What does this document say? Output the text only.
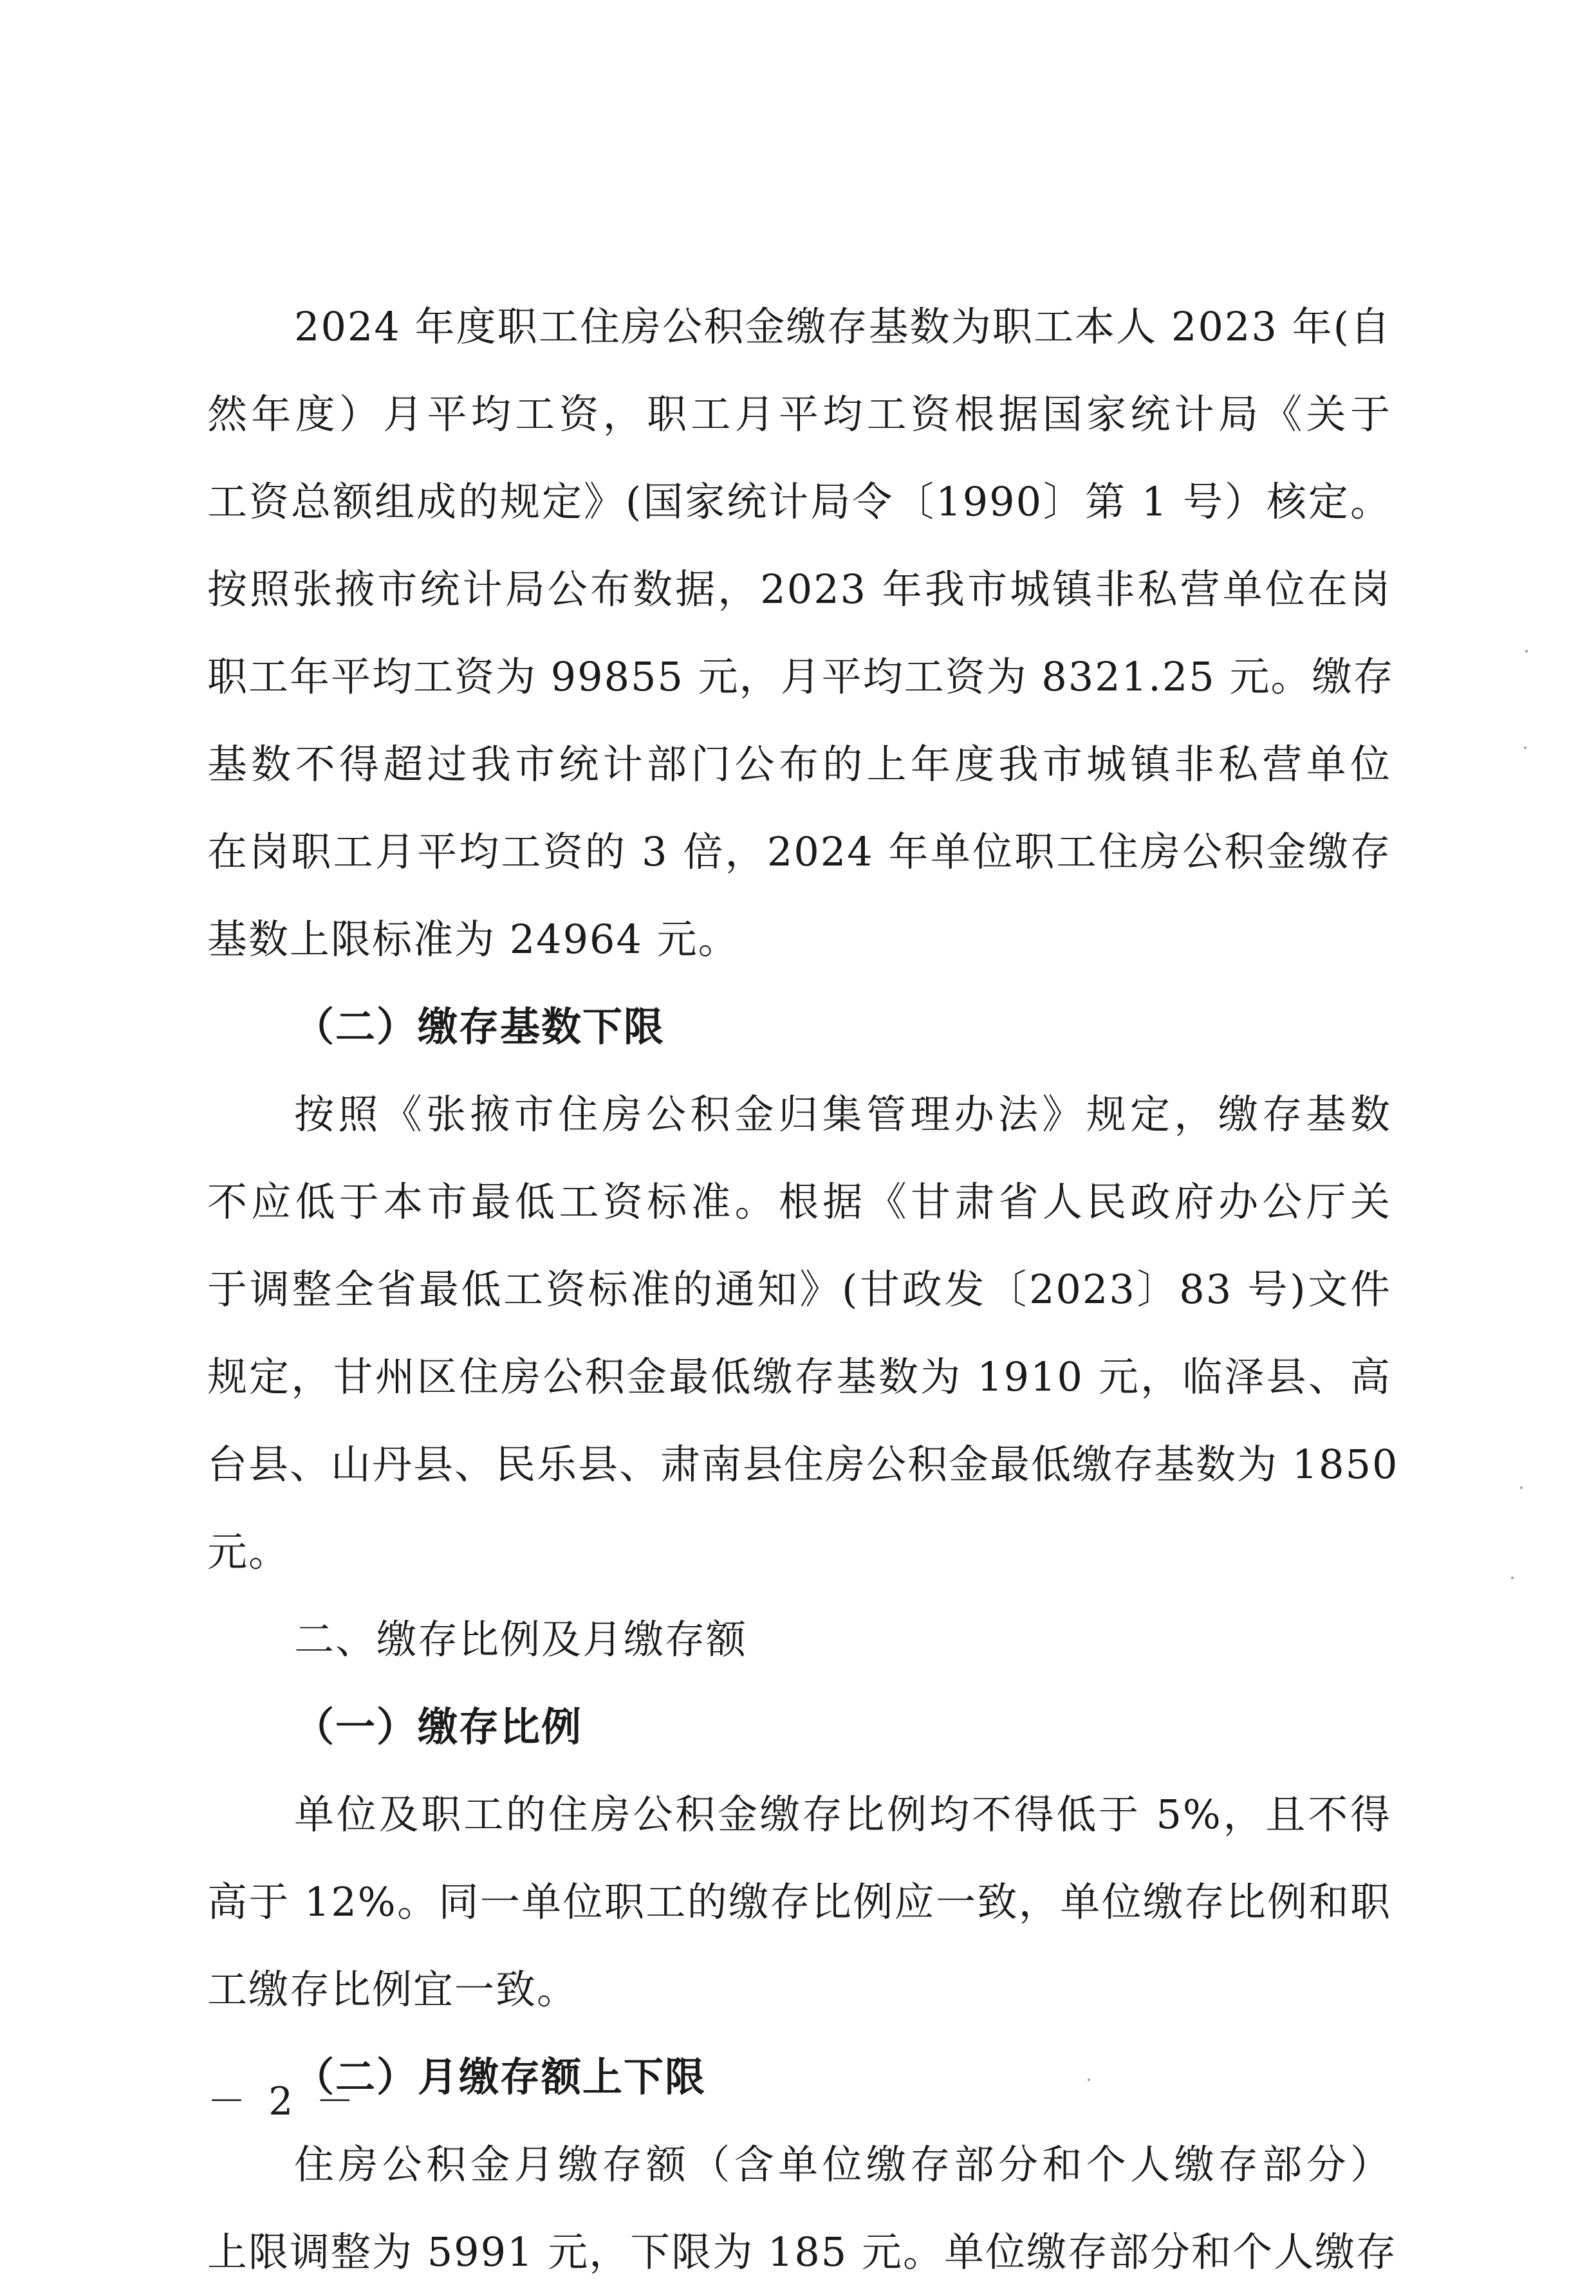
2024 年度职工住房公积金缴存基数为职工本人 2023 年(自
然年度）月平均工资，职工月平均工资根据国家统计局《关于
工资总额组成的规定》(国家统计局令〔1990〕第 1 号）核定。
按照张掖市统计局公布数据，2023 年我市城镇非私营单位在岗
职工年平均工资为 99855 元，月平均工资为 8321.25 元。缴存
基数不得超过我市统计部门公布的上年度我市城镇非私营单位
在岗职工月平均工资的 3 倍，2024 年单位职工住房公积金缴存
基数上限标准为 24964 元。
（二）缴存基数下限
按照《张掖市住房公积金归集管理办法》规定，缴存基数
不应低于本市最低工资标准。根据《甘肃省人民政府办公厅关
于调整全省最低工资标准的通知》(甘政发〔2023〕83 号)文件
规定，甘州区住房公积金最低缴存基数为 1910 元，临泽县、高
台县、山丹县、民乐县、肃南县住房公积金最低缴存基数为 1850
元。
二、缴存比例及月缴存额
（一）缴存比例
单位及职工的住房公积金缴存比例均不得低于 5%，且不得
高于 12%。同一单位职工的缴存比例应一致，单位缴存比例和职
工缴存比例宜一致。
（二）月缴存额上下限
住房公积金月缴存额（含单位缴存部分和个人缴存部分）
上限调整为 5991 元，下限为 185 元。单位缴存部分和个人缴存
－ 2 －
